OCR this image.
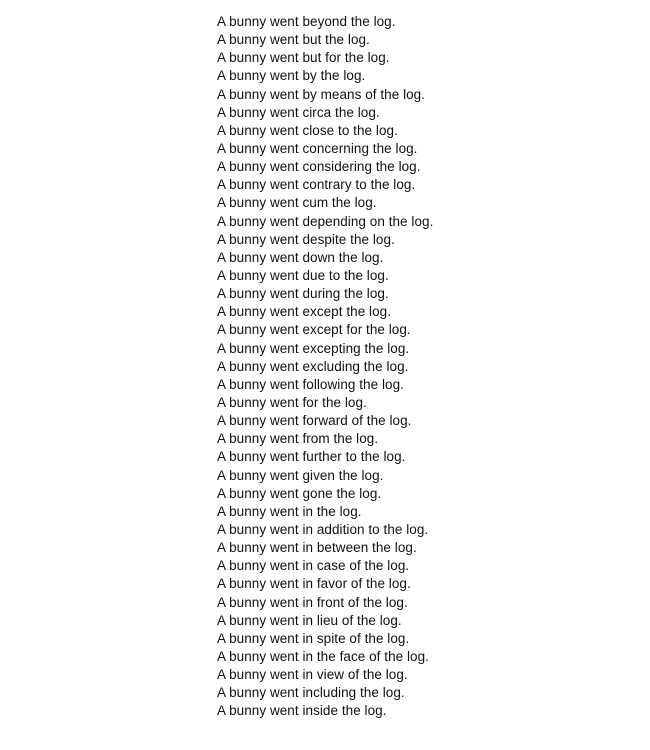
A bunny went beyond the log.
A bunny went but the log.
A bunny went but for the log.
A bunny went by the log.
A bunny went by means of the log.
A bunny went circa the log.
A bunny went close to the log.
A bunny went concerning the log.
A bunny went considering the log.
A bunny went contrary to the log.
A bunny went cum the log.
A bunny went depending on the log.
A bunny went despite the log.
A bunny went down the log.
A bunny went due to the log.
A bunny went during the log.
A bunny went except the log.
A bunny went except for the log.
A bunny went excepting the log.
A bunny went excluding the log.
A bunny went following the log.
A bunny went for the log.
A bunny went forward of the log.
A bunny went from the log.
A bunny went further to the log.
A bunny went given the log.
A bunny went gone the log.
A bunny went in the log.
A bunny went in addition to the log.
A bunny went in between the log.
A bunny went in case of the log.
A bunny went in favor of the log.
A bunny went in front of the log.
A bunny went in lieu of the log.
A bunny went in spite of the log.
A bunny went in the face of the log.
A bunny went in view of the log.
A bunny went including the log.
A bunny went inside the log.
